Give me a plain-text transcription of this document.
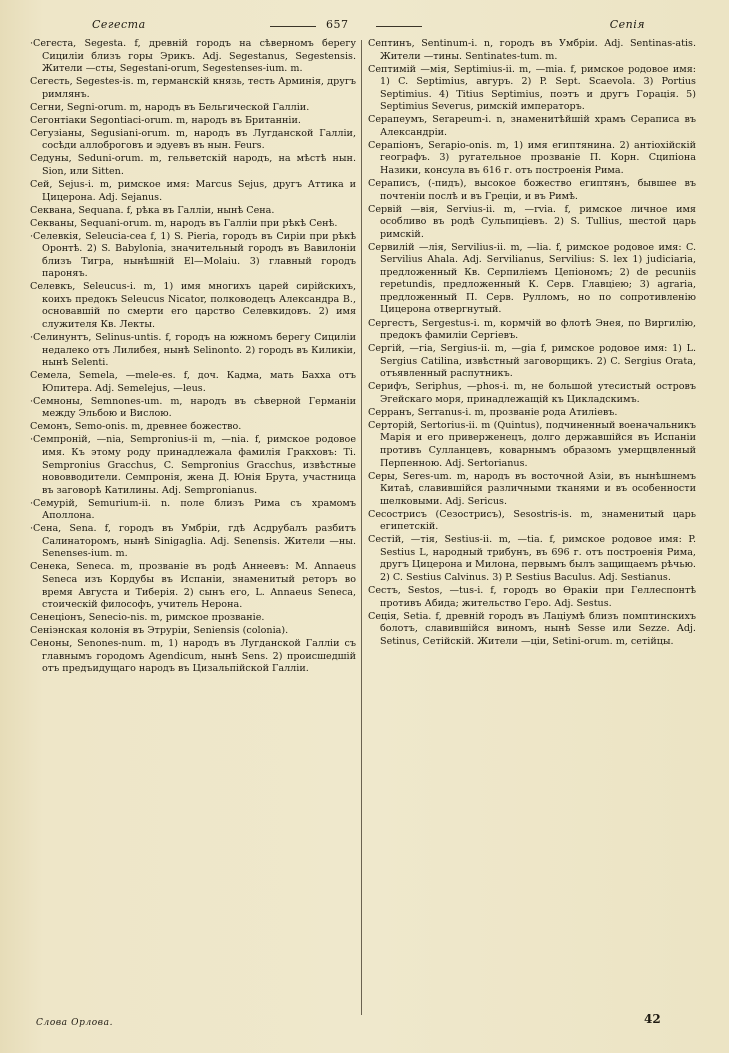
Сегеста	657	Сепія

·Сегеста, Segesta. f, древній городъ на сѣверномъ берегу Сициліи близъ горы Эрикъ. Adj. Segestanus, Segestensis. Жители —сты, Segestani-orum, Segestenses-ium. m.

Сегесть, Segestes-is. m, германскій князь, тесть Арминія, другъ римлянъ.

Сегни, Segni-orum. m, народъ въ Бельгической Галліи.

Сегонтіаки Segontiaci-orum. m, народъ въ Британніи.

Сегузіаны, Segusiani-orum. m, народъ въ Лугданской Галліи, сосѣди аллоброговъ и эдуевъ въ нын. Feurs.

Седуны, Seduni-orum. m, гельветскій народъ, на мѣстѣ нын. Sion, или Sitten.

Сей, Sejus-i. m, римское имя: Marcus Sejus, другъ Аттика и Цицерона. Adj. Sejanus.

Секвана, Sequana. f, рѣка въ Галліи, нынѣ Сена.

Секваны, Sequani-orum. m, народъ въ Галліи при рѣкѣ Сенѣ.

·Селевкія, Seleucia-cea f, 1) S. Pieria, городъ въ Сиріи при рѣкѣ Оронтѣ. 2) S. Babylonia, значительный городъ въ Вавилоніи близъ Тигра, нынѣшній El—Molaiu. 3) главный городъ пароняъ.

Селевкъ, Seleucus-i. m, 1) имя многихъ царей сирійскихъ, коихъ предокъ Seleucus Nicator, полководецъ Александра В., основавшій по смерти его царство Селевкидовъ. 2) имя служителя Кв. Лекты.

·Селинунтъ, Selinus-untis. f, городъ на южномъ берегу Сициліи недалеко отъ Лилибея, нынѣ Selinonto. 2) городъ въ Киликіи, нынѣ Selenti.

Семела, Semela, —mele-es. f, доч. Кадма, мать Бахха отъ Юпитера. Adj. Semelejus, —leus.

·Семноны, Semnones-um. m, народъ въ сѣверной Германіи между Эльбою и Вислою.

Семонъ, Semo-onis. m, древнее божество.

·Семпроній, —nia, Sempronius-ii m, —nia. f, римское родовое имя. Къ этому роду принадлежала фамилія Гракховъ: Ti. Sempronius Gracchus, C. Sempronius Gracchus, извѣстные нововводители. Семпронія, жена Д. Юнія Брута, участница въ заговорѣ Катилины. Adj. Sempronianus.

·Семурій, Semurium-ii. n. поле близъ Рима съ храмомъ Аполлона.

·Сена, Sena. f, городъ въ Умбріи, гдѣ Асдрубалъ разбитъ Салинаторомъ, нынѣ Sinigaglia. Adj. Senensis. Жители —ны. Senenses-ium. m.

Сенека, Seneca. m, прозваніе въ родѣ Аннеевъ: M. Annaeus Seneca изъ Кордубы въ Испаніи, знаменитый реторъ во время Августа и Тиберія. 2) сынъ его, L. Annaeus Seneca, стоическій философъ, учитель Нерона.

Сенеціонъ, Senecio-nis. m, римское прозваніе.

Сеніэнская колонія въ Этруріи, Seniensis (colonia).

Сеноны, Senones-num. m, 1) народъ въ Лугданской Галліи съ главнымъ городомъ Agendicum, нынѣ Sens. 2) происшедшій отъ предъидущаго народъ въ Цизальпійской Галліи.

Септинъ, Sentinum-i. n, городъ въ Умбріи. Adj. Sentinas-atis. Жители —тины. Sentinates-tum. m.

Септимій —мія, Septimius-ii. m, —mia. f, римское родовое имя: 1) C. Septimius, авгуръ. 2) P. Sept. Scaevola. 3) Portius Septimius. 4) Titius Septimius, поэтъ и другъ Горація. 5) Septimius Severus, римскій императоръ.

Серапеумъ, Serapeum-i. n, знаменитѣйшій храмъ Сераписа въ Александріи.

Серапіонъ, Serapio-onis. m, 1) имя египтянина. 2) антіохійскій географъ. 3) ругательное прозваніе П. Корн. Сципіона Назики, консула въ 616 г. отъ построенія Рима.

Сераписъ, (-пидъ), высокое божество египтянъ, бывшее въ почтеніи послѣ и въ Греціи, и въ Римѣ.

Сервій —вія, Servius-ii. m, —rvia. f, римское личное имя особливо въ родѣ Сульпиціевъ. 2) S. Tullius, шестой царь римскій.

Сервилій —лія, Servilius-ii. m, —lia. f, римское родовое имя: C. Servilius Ahala. Adj. Servilianus, Servilius: S. lex 1) judiciaria, предложенный Кв. Серпиліемъ Цепіономъ; 2) de pecuniis repetundis, предложенный К. Серв. Главціею; 3) agraria, предложенный П. Серв. Рулломъ, но по сопротивленію Цицерона отвергнутый.

Сергестъ, Sergestus-i. m, кормчій во флотѣ Энея, по Виргилію, предокъ фамиліи Сергіевъ.

Сергій, —гia, Sergius-ii. m, —gia f, римское родовое имя: 1) L. Sergius Catilina, извѣстный заговорщикъ. 2) C. Sergius Orata, отъявленный распутникъ.

Серифъ, Seriphus, —phos-i. m, не большой утесистый островъ Эгейскаго моря, принадлежащій къ Цикладскимъ.

Серранъ, Serranus-i. m, прозваніе рода Атиліевъ.

Серторій, Sertorius-ii. m (Quintus), подчиненный военачальникъ Марія и его приверженецъ, долго державшійся въ Испаніи противъ Сулланцевъ, коварнымъ образомъ умерщвленный Перпенною. Adj. Sertorianus.

Серы, Seres-um. m, народъ въ восточной Азіи, въ нынѣшнемъ Китаѣ, славившійся различными тканями и въ особенности шелковыми. Adj. Sericus.

Сесострисъ (Сезострисъ), Sesostris-is. m, знаменитый царь египетскій.

Сестій, —тія, Sestius-ii. m, —tia. f, римское родовое имя: P. Sestius L, народный трибунъ, въ 696 г. отъ построенія Рима, другъ Цицерона и Милона, первымъ былъ защищаемъ рѣчью. 2) C. Sestius Calvinus. 3) P. Sestius Baculus. Adj. Sestianus.

Сестъ, Sestos, —tus-i. f, городъ во Ѳракіи при Геллеспонтѣ противъ Абида; жительство Геро. Adj. Sestus.

Сеція, Setia. f, древній городъ въ Лаціумѣ близъ помптинскихъ болотъ, славившійся виномъ, нынѣ Sesse или Sezze. Adj. Setinus, Сетійскій. Жители —ціи, Setini-orum. m, сетійцы.

Слова Орлова.	42
